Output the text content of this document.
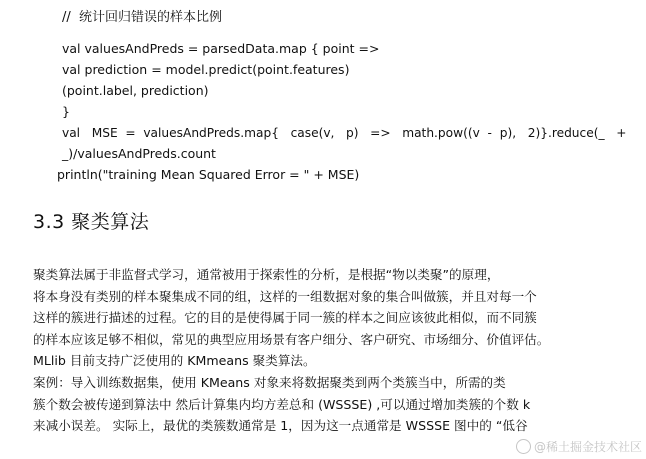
//  统计回归错误的样本比例
val valuesAndPreds = parsedData.map { point =>
val prediction = model.predict(point.features)
(point.label, prediction)
}
val   MSE  =  valuesAndPreds.map{   case(v,   p)   =>   math.pow((v  -  p),   2)}.reduce(_   +
_)/valuesAndPreds.count
println("training Mean Squared Error = " + MSE)
3.3 聚类算法

聚类算法属于非监督式学习，通常被用于探索性的分析，是根据“物以类聚”的原理，

将本身没有类别的样本聚集成不同的组，这样的一组数据对象的集合叫做簇，并且对每一个

这样的簇进行描述的过程。它的目的是使得属于同一簇的样本之间应该彼此相似，而不同簇

的样本应该足够不相似，常见的典型应用场景有客户细分、客户研究、市场细分、价值评估。

MLlib 目前支持广泛使用的 KMmeans 聚类算法。

案例：导入训练数据集，使用 KMeans 对象来将数据聚类到两个类簇当中，所需的类

簇个数会被传递到算法中 然后计算集内均方差总和 (WSSSE) ,可以通过增加类簇的个数 k

来减小误差。 实际上，最优的类簇数通常是 1，因为这一点通常是 WSSSE 图中的 “低谷

@稀土掘金技术社区
